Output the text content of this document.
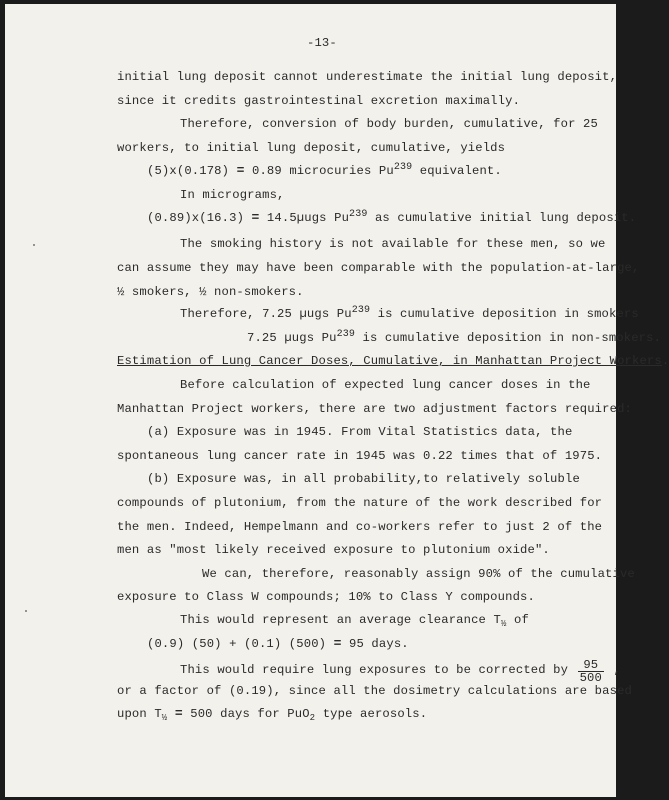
-13-
initial lung deposit cannot underestimate the initial lung deposit,
since it credits gastrointestinal excretion maximally.
Therefore, conversion of body burden, cumulative, for 25
workers, to initial lung deposit, cumulative, yields
(5)x(0.178) = 0.89 microcuries Pu$^{239}$ equivalent.
In micrograms,
(0.89)x(16.3) = 14.5µugs Pu$^{239}$ as cumulative initial lung deposit.
The smoking history is not available for these men, so we
can assume they may have been comparable with the population-at-large,
½ smokers, ½ non-smokers.
Therefore, 7.25 µugs Pu$^{239}$ is cumulative deposition in smokers
7.25 µugs Pu$^{239}$ is cumulative deposition in non-smokers.
Estimation of Lung Cancer Doses, Cumulative, in Manhattan Project Workers.
Before calculation of expected lung cancer doses in the
Manhattan Project workers, there are two adjustment factors required:
(a) Exposure was in 1945. From Vital Statistics data, the
spontaneous lung cancer rate in 1945 was 0.22 times that of 1975.
(b) Exposure was, in all probability,to relatively soluble
compounds of plutonium, from the nature of the work described for
the men. Indeed, Hempelmann and co-workers refer to just 2 of the
men as "most likely received exposure to plutonium oxide".
We can, therefore, reasonably assign 90% of the cumulative
exposure to Class W compounds; 10% to Class Y compounds.
This would represent an average clearance $T_{\frac{1}{2}}$ of
(0.9) (50) + (0.1) (500) = 95 days.
This would require lung exposures to be corrected by $\frac{95}{500}$ ,
or a factor of (0.19), since all the dosimetry calculations are based
upon $T_{\frac{1}{2}} = 500$ days for PuO$_2$ type aerosols.
